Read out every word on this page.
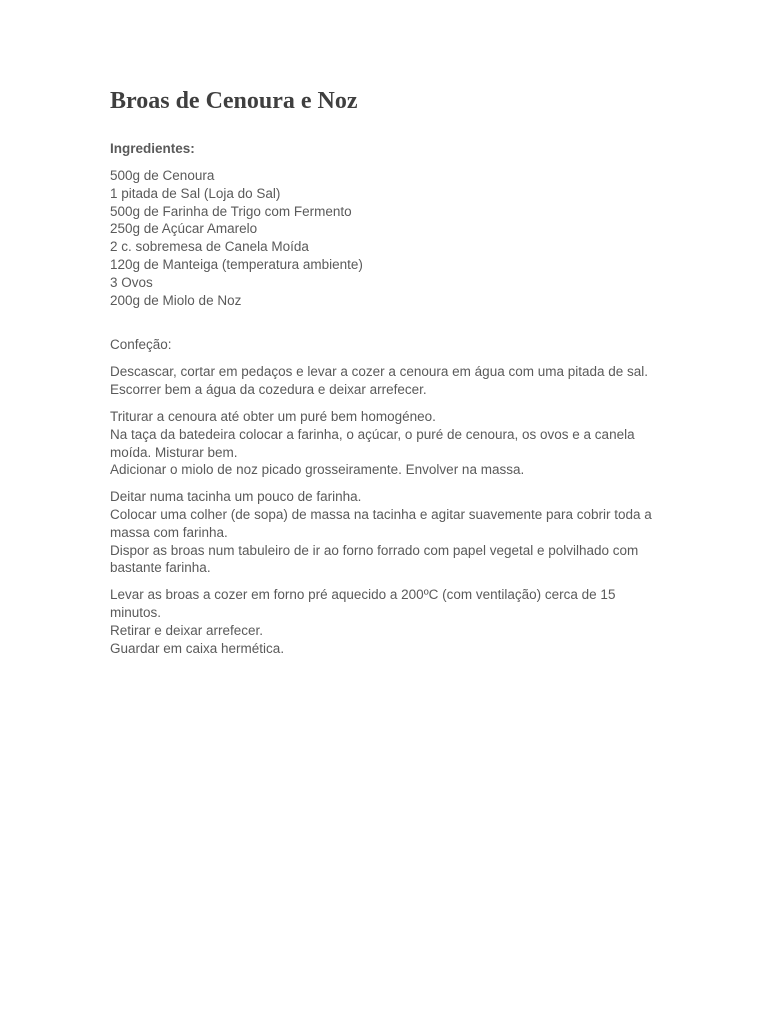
Broas de Cenoura e Noz
Ingredientes:
500g de Cenoura
1 pitada de Sal (Loja do Sal)
500g de Farinha de Trigo com Fermento
250g de Açúcar Amarelo
2 c. sobremesa de Canela Moída
120g de Manteiga (temperatura ambiente)
3 Ovos
200g de Miolo de Noz
Confeção:

Descascar, cortar em pedaços e levar a cozer a cenoura em água com uma pitada de sal.
Escorrer bem a água da cozedura e deixar arrefecer.

Triturar a cenoura até obter um puré bem homogéneo.
Na taça da batedeira colocar a farinha, o açúcar, o puré de cenoura, os ovos e a canela moída. Misturar bem.
Adicionar o miolo de noz picado grosseiramente. Envolver na massa.

Deitar numa tacinha um pouco de farinha.
Colocar uma colher (de sopa) de massa na tacinha e agitar suavemente para cobrir toda a massa com farinha.
Dispor as broas num tabuleiro de ir ao forno forrado com papel vegetal e polvilhado com bastante farinha.

Levar as broas a cozer em forno pré aquecido a 200ºC (com ventilação) cerca de 15 minutos.
Retirar e deixar arrefecer.
Guardar em caixa hermética.
